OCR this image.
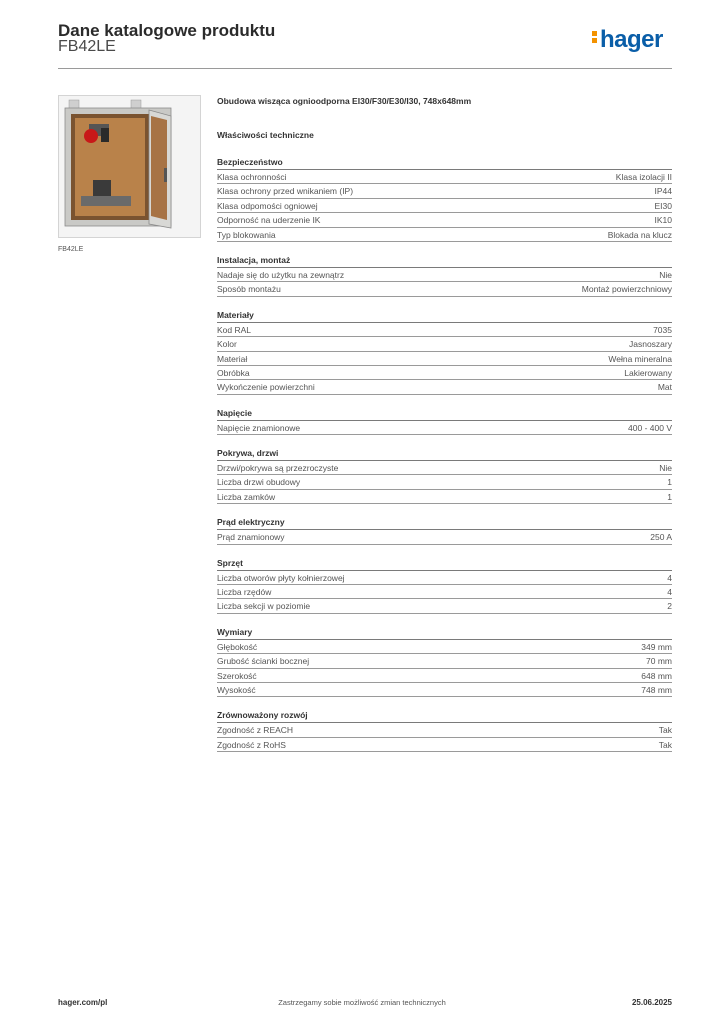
Dane katalogowe produktu
FB42LE	hager
FB42LE
Obudowa wisząca ognioodporna EI30/F30/E30/I30, 748x648mm
Właściwości techniczne
Bezpieczeństwo
Klasa ochronności	Klasa izolacji II
Klasa ochrony przed wnikaniem (IP)	IP44
Klasa odpomości ogniowej	EI30
Odporność na uderzenie IK	IK10
Typ blokowania	Blokada na klucz
Instalacja, montaż
Nadaje się do użytku na zewnątrz	Nie
Sposób montażu	Montaż powierzchniowy
Materiały
Kod RAL	7035
Kolor	Jasnoszary
Materiał	Wełna mineralna
Obróbka	Lakierowany
Wykończenie powierzchni	Mat
Napięcie
Napięcie znamionowe	400 - 400 V
Pokrywa, drzwi
Drzwi/pokrywa są przezroczyste	Nie
Liczba drzwi obudowy	1
Liczba zamków	1
Prąd elektryczny
Prąd znamionowy	250 A
Sprzęt
Liczba otworów płyty kołnierzowej	4
Liczba rzędów	4
Liczba sekcji w poziomie	2
Wymiary
Głębokość	349 mm
Grubość ścianki bocznej	70 mm
Szerokość	648 mm
Wysokość	748 mm
Zrównoważony rozwój
Zgodność z REACH	Tak
Zgodność z RoHS	Tak
hager.com/pl	Zastrzegamy sobie możliwość zmian technicznych	25.06.2025
